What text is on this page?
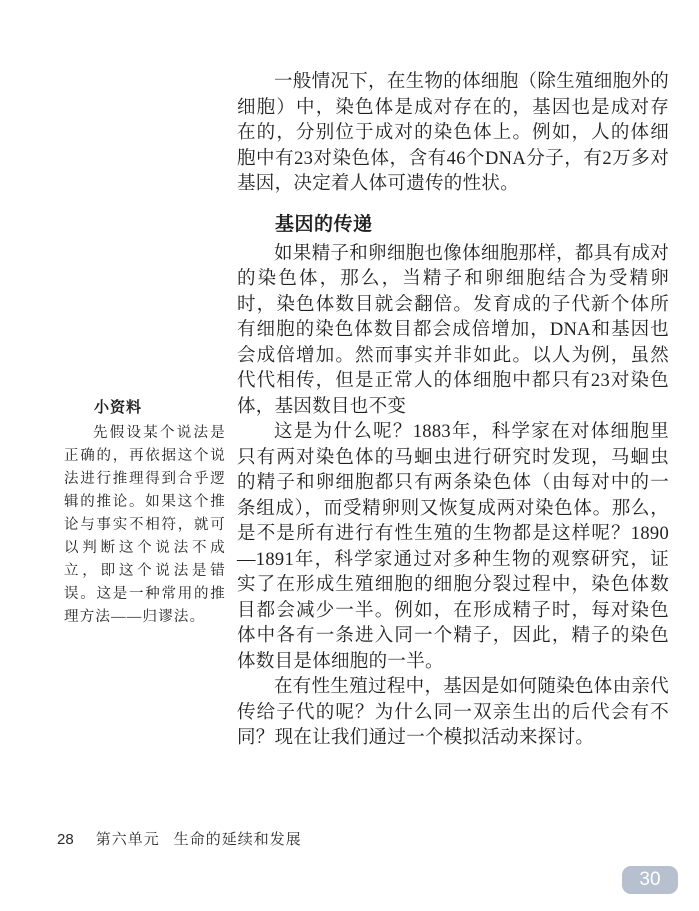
一般情况下，在生物的体细胞（除生殖细胞外的细胞）中，染色体是成对存在的，基因也是成对存在的，分别位于成对的染色体上。例如，人的体细胞中有23对染色体，含有46个DNA分子，有2万多对基因，决定着人体可遗传的性状。

基因的传递

如果精子和卵细胞也像体细胞那样，都具有成对的染色体，那么，当精子和卵细胞结合为受精卵时，染色体数目就会翻倍。发育成的子代新个体所有细胞的染色体数目都会成倍增加，DNA和基因也会成倍增加。然而事实并非如此。以人为例，虽然代代相传，但是正常人的体细胞中都只有23对染色体，基因数目也不变

这是为什么呢？1883年，科学家在对体细胞里只有两对染色体的马蛔虫进行研究时发现，马蛔虫的精子和卵细胞都只有两条染色体（由每对中的一条组成），而受精卵则又恢复成两对染色体。那么，是不是所有进行有性生殖的生物都是这样呢？1890—1891年，科学家通过对多种生物的观察研究，证实了在形成生殖细胞的细胞分裂过程中，染色体数目都会减少一半。例如，在形成精子时，每对染色体中各有一条进入同一个精子，因此，精子的染色体数目是体细胞的一半。

在有性生殖过程中，基因是如何随染色体由亲代传给子代的呢？为什么同一双亲生出的后代会有不同？现在让我们通过一个模拟活动来探讨。

小资料

先假设某个说法是正确的，再依据这个说法进行推理得到合乎逻辑的推论。如果这个推论与事实不相符，就可以判断这个说法不成立，即这个说法是错误。这是一种常用的推理方法——归谬法。

28 第六单元 生命的延续和发展
30
